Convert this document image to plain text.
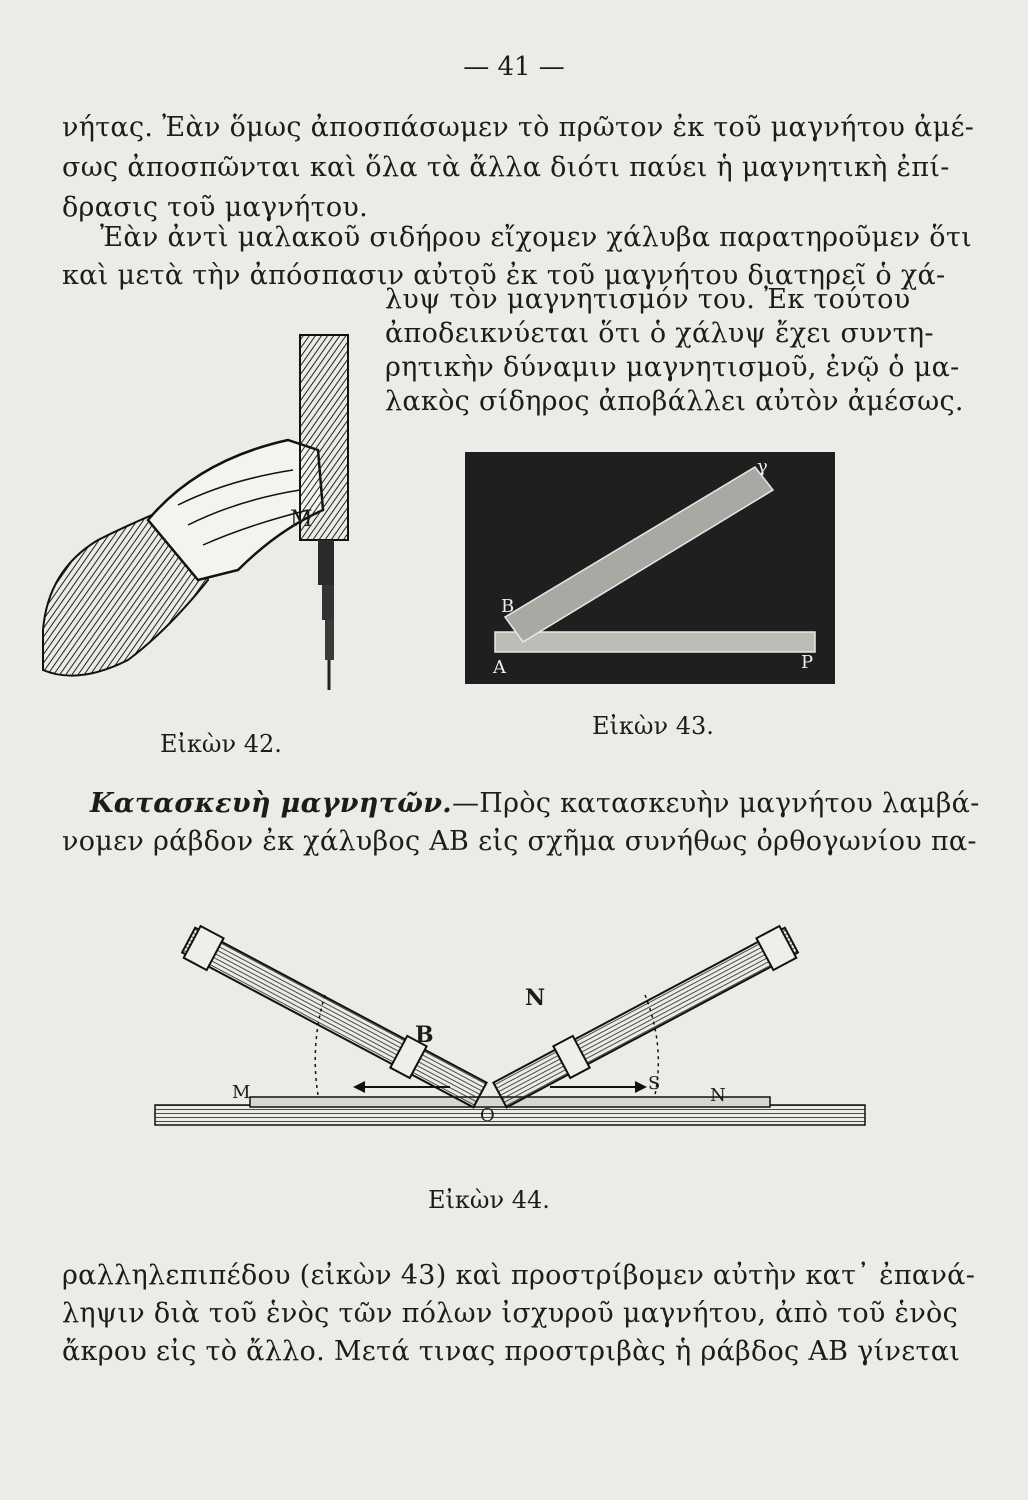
— 41 —
νήτας. Ἐὰν ὅμως ἀποσπάσωμεν τὸ πρῶτον ἐκ τοῦ μαγνήτου ἀμέ-
σως ἀποσπῶνται καὶ ὅλα τὰ ἄλλα διότι παύει ἡ μαγνητικὴ ἐπί-
δρασις τοῦ μαγνήτου.
Ἐὰν ἀντὶ μαλακοῦ σιδήρου εἴχομεν χάλυβα παρατηροῦμεν ὅτι
καὶ μετὰ τὴν ἀπόσπασιν αὐτοῦ ἐκ τοῦ μαγνήτου διατηρεῖ ὁ χά-
λυψ τὸν μαγνητισμόν του. Ἐκ τούτου
ἀποδεικνύεται ὅτι ὁ χάλυψ ἔχει συντη-
ρητικὴν δύναμιν μαγνητισμοῦ, ἐνῷ ὁ μα-
λακὸς σίδηρος ἀποβάλλει αὐτὸν ἀμέσως.
M
Εἰκὼν 42.
A
B
P
γ
Εἰκὼν 43.
Κατασκευὴ μαγνητῶν.—Πρὸς κατασκευὴν μαγνήτου λαμβά-
νομεν ράβδον ἐκ χάλυβος AB εἰς σχῆμα συνήθως ὀρθογωνίου πα-
M
B
N
O
S
N
Εἰκὼν 44.
ραλληλεπιπέδου (εἰκὼν 43) καὶ προστρίβομεν αὐτὴν κατ᾽ ἐπανά-
ληψιν διὰ τοῦ ἑνὸς τῶν πόλων ἰσχυροῦ μαγνήτου, ἀπὸ τοῦ ἑνὸς
ἄκρου εἰς τὸ ἄλλο. Μετά τινας προστριβὰς ἡ ράβδος AB γίνεται
